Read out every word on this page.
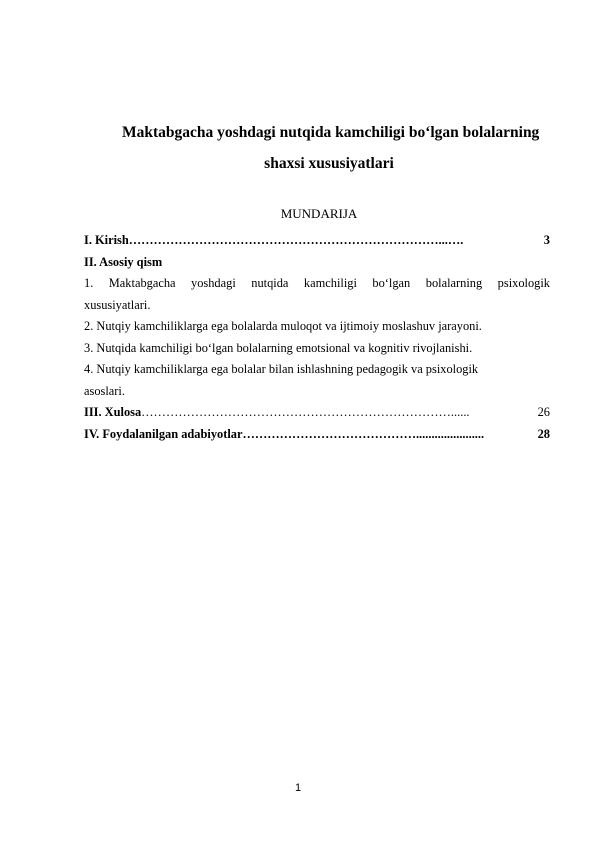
Maktabgacha yoshdagi nutqida kamchiligi bo‘lgan bolalarning
shaxsi xususiyatlari
MUNDARIJA
I. Kirish …………………………………………………………………...….	3
II. Asosiy qism
1. Maktabgacha yoshdagi nutqida kamchiligi bo‘lgan bolalarning psixologik
xususiyatlari.
2. Nutqiy kamchiliklarga ega bolalarda muloqot va ijtimoiy moslashuv jarayoni.
3. Nutqida kamchiligi bo‘lgan bolalarning emotsional va kognitiv rivojlanishi.
4. Nutqiy kamchiliklarga ega bolalar bilan ishlashning pedagogik va psixologik
asoslari.
III. Xulosa …………………………………………………………………......	26
IV. Foydalanilgan adabiyotlar ……………………………………......................	28
1
